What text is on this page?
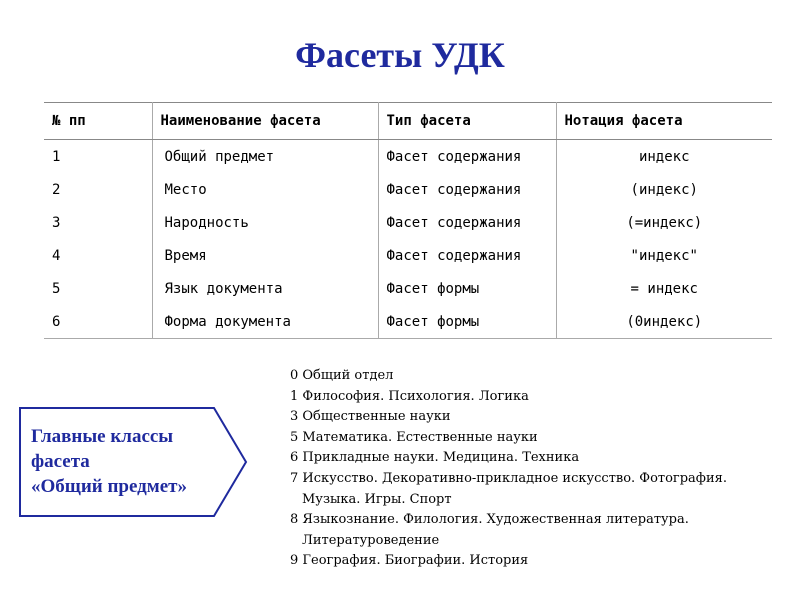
Фасеты УДК
№ пп	Наименование фасета	Тип фасета	Нотация фасета
1	Общий предмет	Фасет содержания	индекс
2	Место	Фасет содержания	(индекс)
3	Народность	Фасет содержания	(=индекс)
4	Время	Фасет содержания	"индекс"
5	Язык документа	Фасет формы	= индекс
6	Форма документа	Фасет формы	(0индекс)
Главные классы
фасета
«Общий предмет»
0 Общий отдел
1 Философия. Психология. Логика
3 Общественные науки
5 Математика. Естественные науки
6 Прикладные науки. Медицина. Техника
7 Искусство. Декоративно-прикладное искусство. Фотография.
Музыка. Игры. Спорт
8 Языкознание. Филология. Художественная литература.
Литературоведение
9 География. Биографии. История
